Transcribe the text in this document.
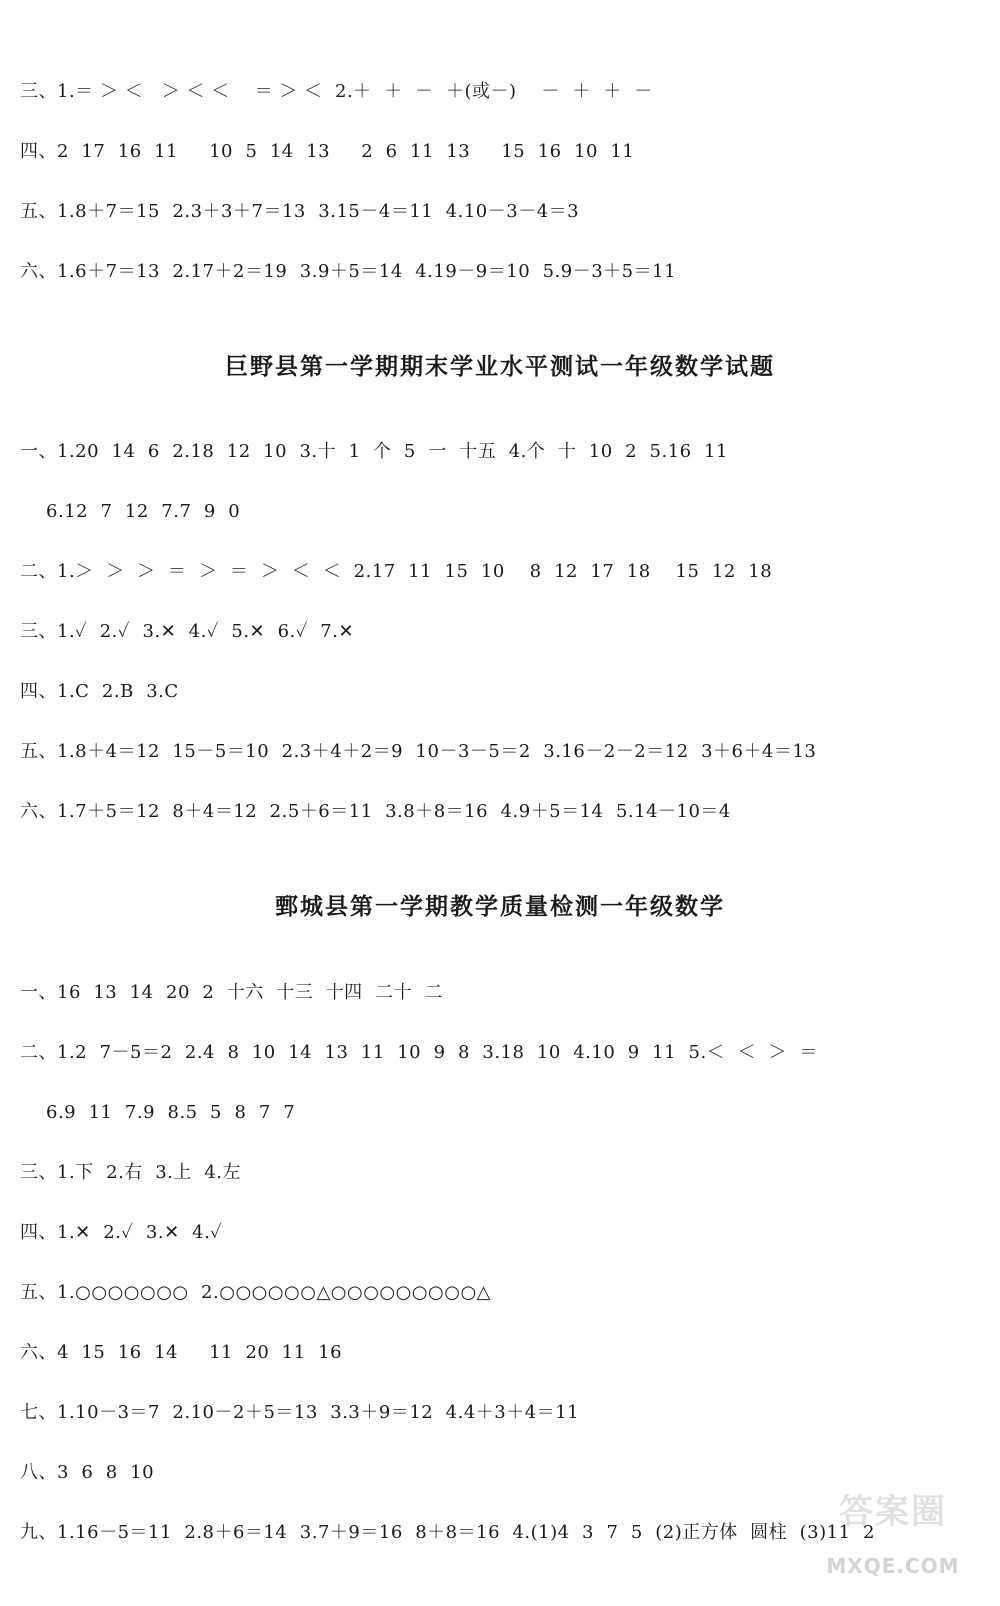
三、1.＝ ＞ ＜   ＞ ＜ ＜    ＝ ＞ ＜  2.＋  ＋  －  ＋(或－)    －  ＋  ＋  －
四、2  17  16  11     10  5  14  13     2  6  11  13     15  16  10  11
五、1.8＋7＝15  2.3＋3＋7＝13  3.15－4＝11  4.10－3－4＝3
六、1.6＋7＝13  2.17＋2＝19  3.9＋5＝14  4.19－9＝10  5.9－3＋5＝11
巨野县第一学期期末学业水平测试一年级数学试题
一、1.20  14  6  2.18  12  10  3.十  1  个  5  一  十五  4.个  十  10  2  5.16  11
6.12  7  12  7.7  9  0
二、1.＞  ＞  ＞  ＝  ＞  ＝  ＞  ＜  ＜  2.17  11  15  10    8  12  17  18    15  12  18
三、1.✓  2.✓  3.✕  4.✓  5.✕  6.✓  7.✕
四、1.C  2.B  3.C
五、1.8＋4＝12  15－5＝10  2.3＋4＋2＝9  10－3－5＝2  3.16－2－2＝12  3＋6＋4＝13
六、1.7＋5＝12  8＋4＝12  2.5＋6＝11  3.8＋8＝16  4.9＋5＝14  5.14－10＝4
鄄城县第一学期教学质量检测一年级数学
一、16  13  14  20  2  十六  十三  十四  二十  二
二、1.2  7－5＝2  2.4  8  10  14  13  11  10  9  8  3.18  10  4.10  9  11  5.＜  ＜  ＞  ＝
6.9  11  7.9  8.5  5  8  7  7
三、1.下  2.右  3.上  4.左
四、1.✕  2.✓  3.✕  4.✓
五、1.○○○○○○○  2.○○○○○○△○○○○○○○○○△
六、4  15  16  14     11  20  11  16
七、1.10－3＝7  2.10－2＋5＝13  3.3＋9＝12  4.4＋3＋4＝11
八、3  6  8  10
九、1.16－5＝11  2.8＋6＝14  3.7＋9＝16  8＋8＝16  4.(1)4  3  7  5  (2)正方体  圆柱  (3)11  2
答案圈
MXQE.COM
